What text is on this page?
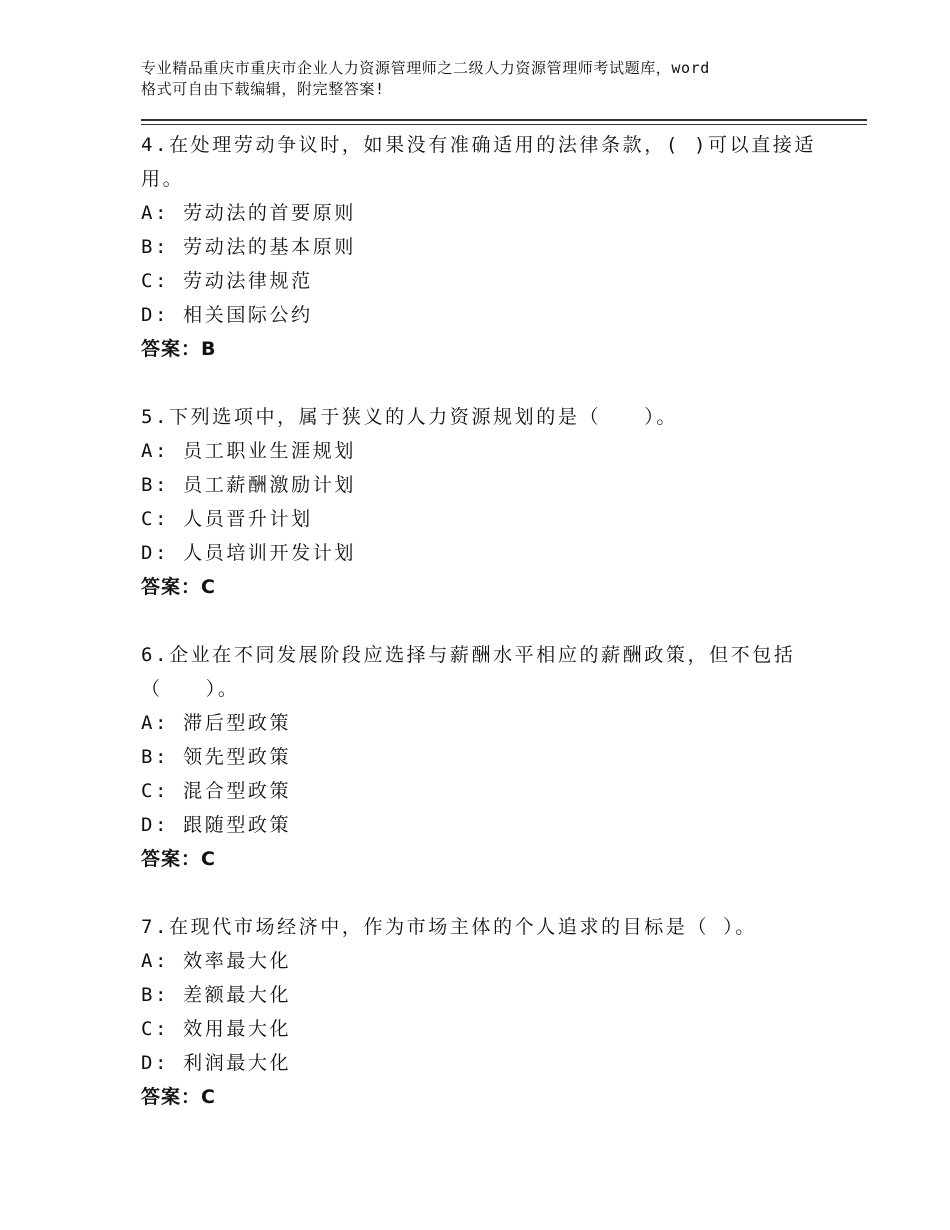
专业精品重庆市重庆市企业人力资源管理师之二级人力资源管理师考试题库，word
格式可自由下载编辑，附完整答案!
4.在处理劳动争议时，如果没有准确适用的法律条款，( )可以直接适
用。
A: 劳动法的首要原则
B: 劳动法的基本原则
C: 劳动法律规范
D: 相关国际公约
答案：B
5.下列选项中，属于狭义的人力资源规划的是（　　）。
A: 员工职业生涯规划
B: 员工薪酬激励计划
C: 人员晋升计划
D: 人员培训开发计划
答案：C
6.企业在不同发展阶段应选择与薪酬水平相应的薪酬政策，但不包括
（　　）。
A: 滞后型政策
B: 领先型政策
C: 混合型政策
D: 跟随型政策
答案：C
7.在现代市场经济中，作为市场主体的个人追求的目标是（ ）。
A: 效率最大化
B: 差额最大化
C: 效用最大化
D: 利润最大化
答案：C
